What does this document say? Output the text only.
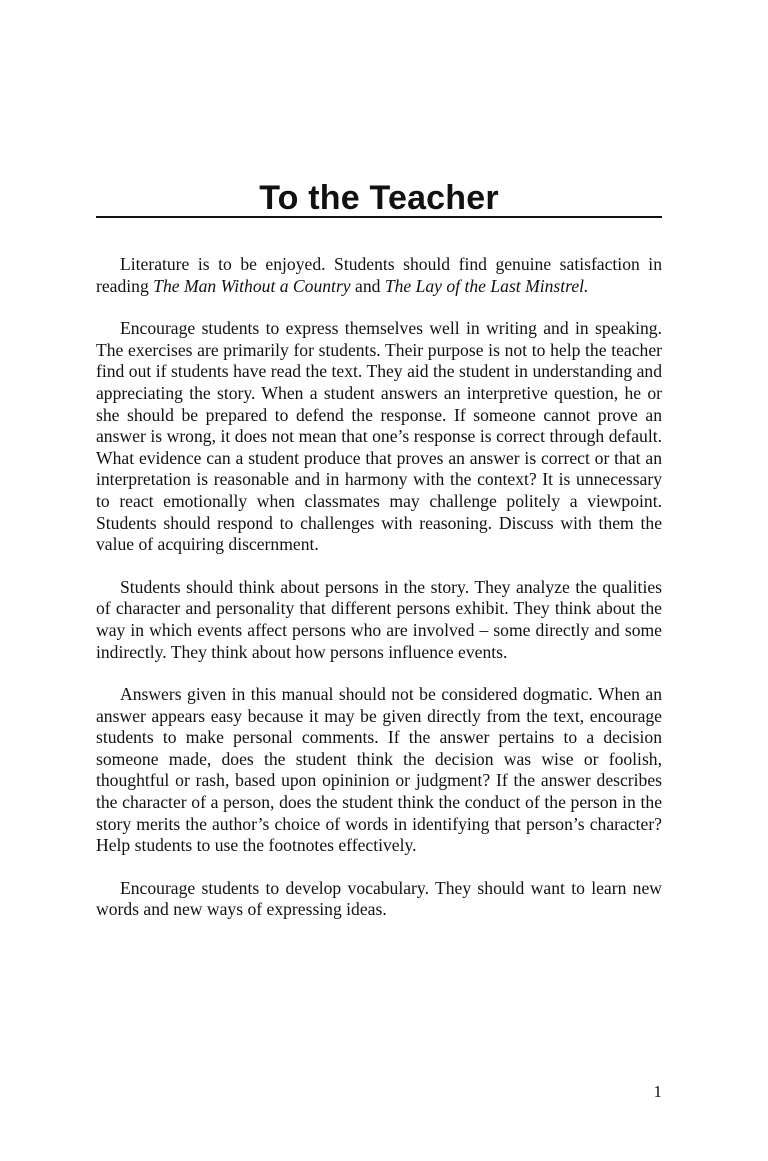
To the Teacher

Literature is to be enjoyed. Students should find genuine satisfaction in reading The Man Without a Country and The Lay of the Last Minstrel.

Encourage students to express themselves well in writing and in speaking. The exercises are primarily for students. Their purpose is not to help the teacher find out if students have read the text. They aid the student in understanding and appreciating the story. When a student answers an interpretive question, he or she should be prepared to defend the response. If someone cannot prove an answer is wrong, it does not mean that one’s response is correct through default. What evidence can a student produce that proves an answer is correct or that an interpretation is reasonable and in harmony with the context? It is unnecessary to react emotionally when classmates may challenge politely a viewpoint. Students should respond to challenges with reasoning. Discuss with them the value of acquiring discernment.

Students should think about persons in the story. They analyze the qualities of character and personality that different persons exhibit. They think about the way in which events affect persons who are involved – some directly and some indirectly. They think about how persons influence events.

Answers given in this manual should not be considered dogmatic. When an answer appears easy because it may be given directly from the text, encourage students to make personal comments. If the answer pertains to a decision someone made, does the student think the decision was wise or foolish, thoughtful or rash, based upon opininion or judgment? If the answer describes the character of a person, does the student think the conduct of the person in the story merits the author’s choice of words in identifying that person’s character? Help students to use the footnotes effectively.

Encourage students to develop vocabulary. They should want to learn new words and new ways of expressing ideas.

1
